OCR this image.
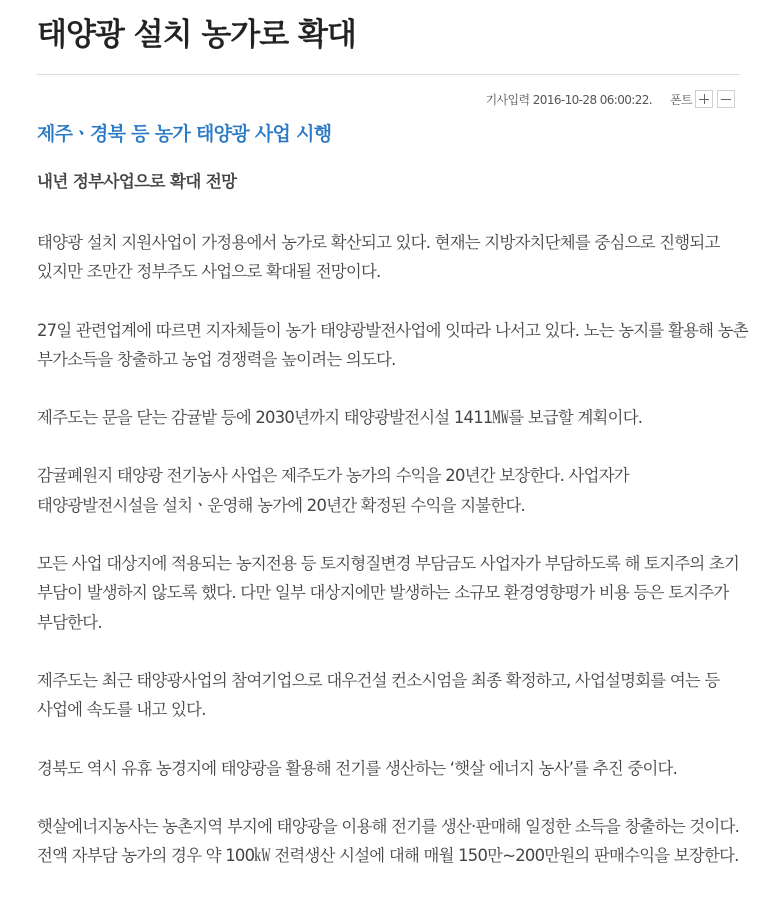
태양광 설치 농가로 확대
기사입력 2016-10-28 06:00:22. 폰트
제주ㆍ경북 등 농가 태양광 사업 시행
내년 정부사업으로 확대 전망

태양광 설치 지원사업이 가정용에서 농가로 확산되고 있다. 현재는 지방자치단체를 중심으로 진행되고 있지만 조만간 정부주도 사업으로 확대될 전망이다.

27일 관련업계에 따르면 지자체들이 농가 태양광발전사업에 잇따라 나서고 있다. 노는 농지를 활용해 농촌 부가소득을 창출하고 농업 경쟁력을 높이려는 의도다.

제주도는 문을 닫는 감귤밭 등에 2030년까지 태양광발전시설 1411㎿를 보급할 계획이다.

감귤폐원지 태양광 전기농사 사업은 제주도가 농가의 수익을 20년간 보장한다. 사업자가 태양광발전시설을 설치ㆍ운영해 농가에 20년간 확정된 수익을 지불한다.

모든 사업 대상지에 적용되는 농지전용 등 토지형질변경 부담금도 사업자가 부담하도록 해 토지주의 초기 부담이 발생하지 않도록 했다. 다만 일부 대상지에만 발생하는 소규모 환경영향평가 비용 등은 토지주가 부담한다.

제주도는 최근 태양광사업의 참여기업으로 대우건설 컨소시엄을 최종 확정하고, 사업설명회를 여는 등 사업에 속도를 내고 있다.

경북도 역시 유휴 농경지에 태양광을 활용해 전기를 생산하는 ‘햇살 에너지 농사’를 추진 중이다.

햇살에너지농사는 농촌지역 부지에 태양광을 이용해 전기를 생산·판매해 일정한 소득을 창출하는 것이다. 전액 자부담 농가의 경우 약 100㎾ 전력생산 시설에 대해 매월 150만~200만원의 판매수익을 보장한다.
